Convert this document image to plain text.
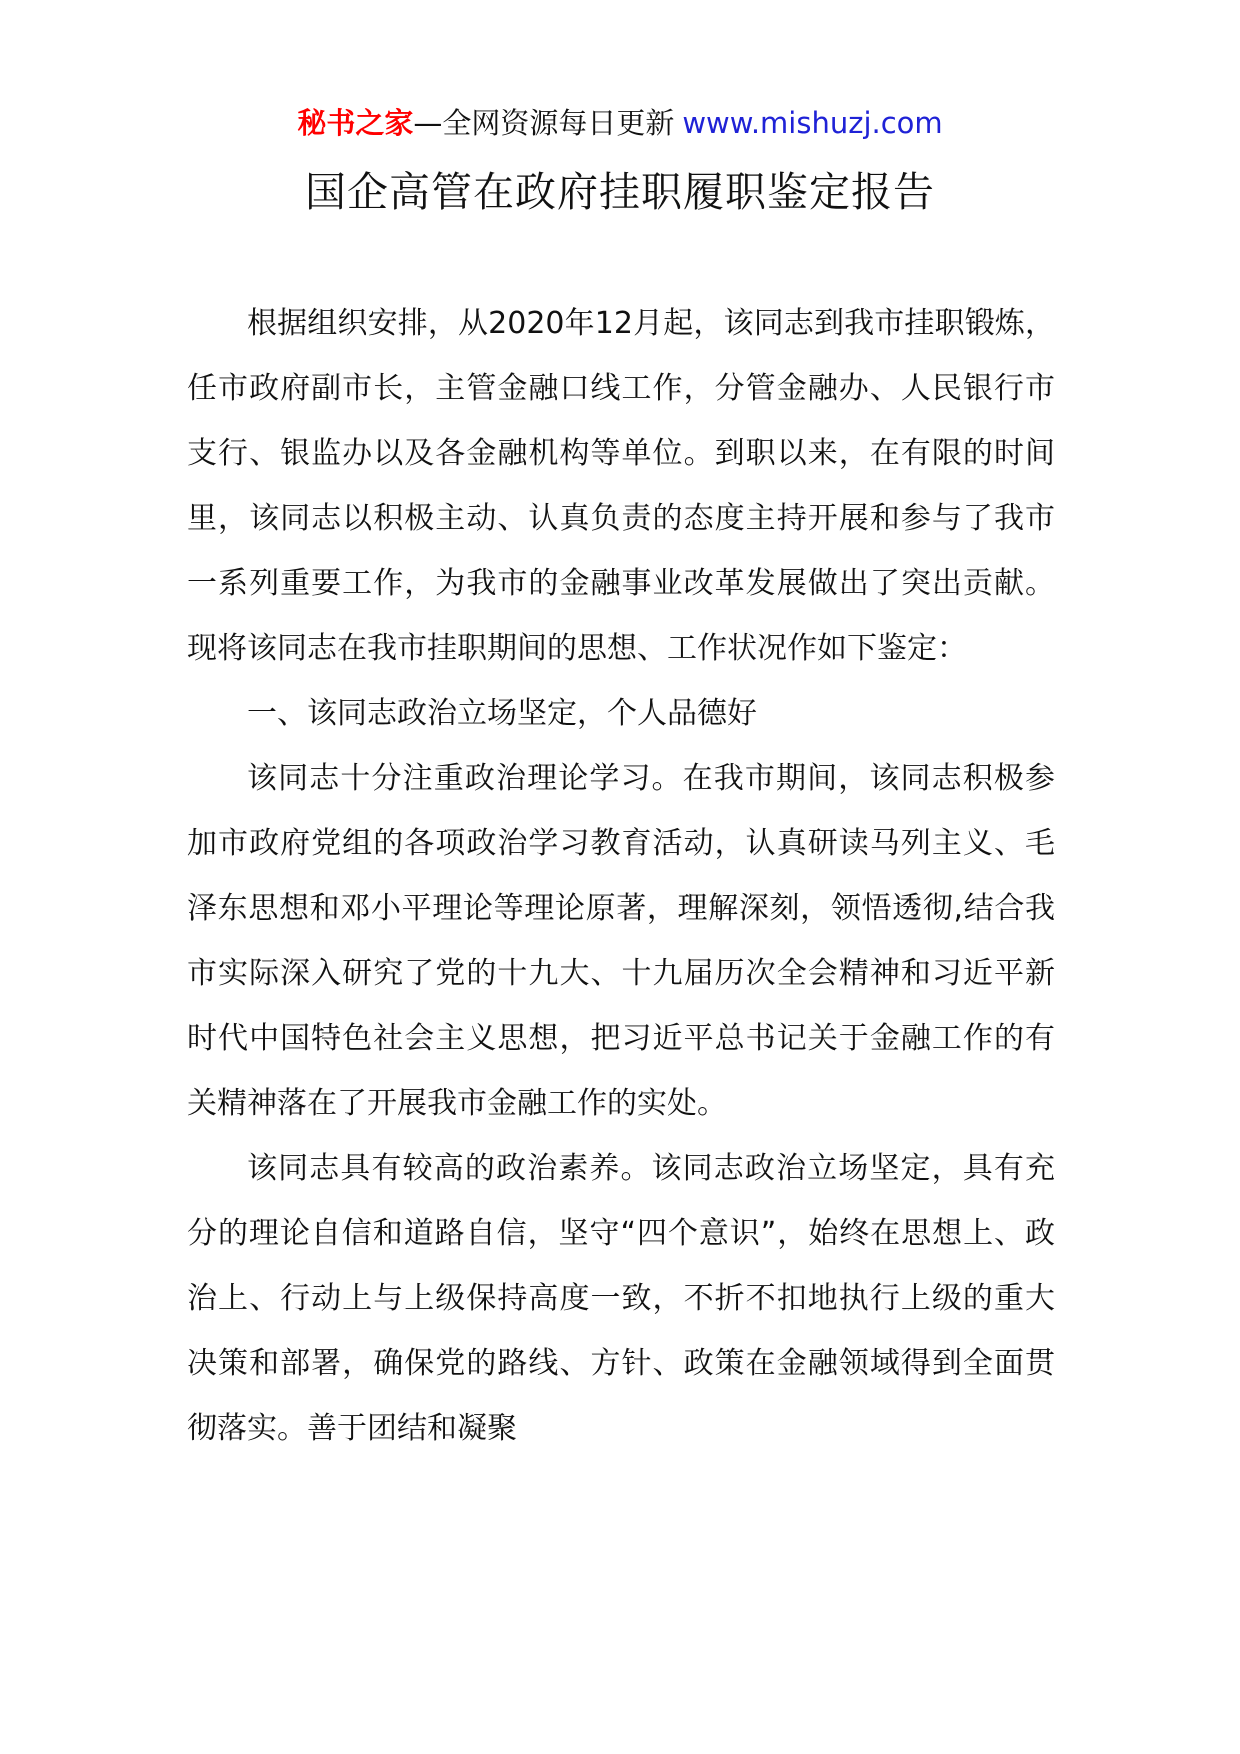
秘书之家—全网资源每日更新 www.mishuzj.com
国企高管在政府挂职履职鉴定报告

根据组织安排，从2020年12月起，该同志到我市挂职锻炼，任市政府副市长，主管金融口线工作，分管金融办、人民银行市支行、银监办以及各金融机构等单位。到职以来，在有限的时间里，该同志以积极主动、认真负责的态度主持开展和参与了我市一系列重要工作，为我市的金融事业改革发展做出了突出贡献。现将该同志在我市挂职期间的思想、工作状况作如下鉴定：

一、该同志政治立场坚定，个人品德好

该同志十分注重政治理论学习。在我市期间，该同志积极参加市政府党组的各项政治学习教育活动，认真研读马列主义、毛泽东思想和邓小平理论等理论原著，理解深刻，领悟透彻,结合我市实际深入研究了党的十九大、十九届历次全会精神和习近平新时代中国特色社会主义思想，把习近平总书记关于金融工作的有关精神落在了开展我市金融工作的实处。

该同志具有较高的政治素养。该同志政治立场坚定，具有充分的理论自信和道路自信，坚守“四个意识”，始终在思想上、政治上、行动上与上级保持高度一致，不折不扣地执行上级的重大决策和部署，确保党的路线、方针、政策在金融领域得到全面贯彻落实。善于团结和凝聚
